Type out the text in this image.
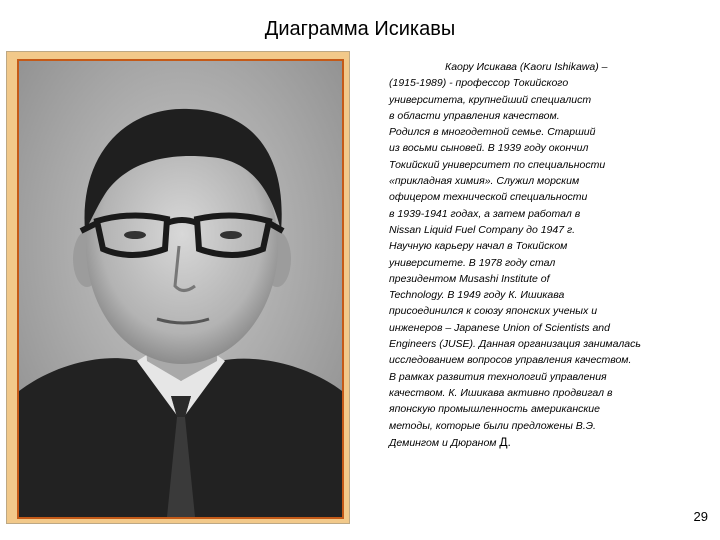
Диаграмма Исикавы
Каору Исикава (Kaoru Ishikawa) –
(1915-1989) - профессор Токийского
университета, крупнейший специалист
в области управления качеством.
Родился в многодетной семье. Старший
из восьми сыновей. В 1939 году окончил
Токийский университет по специальности
«прикладная химия». Служил морским
офицером технической специальности
в 1939-1941 годах, а затем работал в
Nissan Liquid Fuel Company до 1947 г.
Научную карьеру начал в Токийском
университете. В 1978 году стал
президентом Musashi Institute of
Technology. В 1949 году К. Ишикава
присоединился к союзу японских ученых и
инженеров – Japanese Union of Scientists and
Engineers (JUSE). Данная организация занималась
исследованием вопросов управления качеством.
В рамках развития технологий управления
качеством. К. Ишикава активно продвигал в
японскую промышленность американские
методы, которые были предложены В.Э.
Демингом и Дюраном Д.
29
